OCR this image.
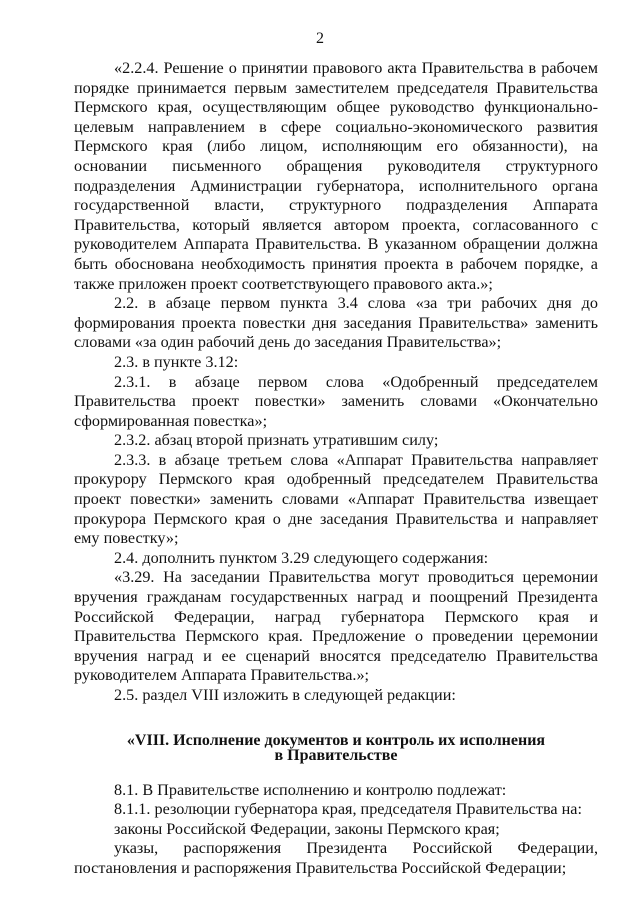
2

«2.2.4. Решение о принятии правового акта Правительства в рабочем порядке принимается первым заместителем председателя Правительства Пермского края, осуществляющим общее руководство функционально-целевым направлением в сфере социально-экономического развития Пермского края (либо лицом, исполняющим его обязанности), на основании письменного обращения руководителя структурного подразделения Администрации губернатора, исполнительного органа государственной власти, структурного подразделения Аппарата Правительства, который является автором проекта, согласованного с руководителем Аппарата Правительства. В указанном обращении должна быть обоснована необходимость принятия проекта в рабочем порядке, а также приложен проект соответствующего правового акта.»;

2.2. в абзаце первом пункта 3.4 слова «за три рабочих дня до формирования проекта повестки дня заседания Правительства» заменить словами «за один рабочий день до заседания Правительства»;

2.3. в пункте 3.12:

2.3.1. в абзаце первом слова «Одобренный председателем Правительства проект повестки» заменить словами «Окончательно сформированная повестка»;

2.3.2. абзац второй признать утратившим силу;

2.3.3. в абзаце третьем слова «Аппарат Правительства направляет прокурору Пермского края одобренный председателем Правительства проект повестки» заменить словами «Аппарат Правительства извещает прокурора Пермского края о дне заседания Правительства и направляет ему повестку»;

2.4. дополнить пунктом 3.29 следующего содержания:

«3.29. На заседании Правительства могут проводиться церемонии вручения гражданам государственных наград и поощрений Президента Российской Федерации, наград губернатора Пермского края и Правительства Пермского края. Предложение о проведении церемонии вручения наград и ее сценарий вносятся председателю Правительства руководителем Аппарата Правительства.»;

2.5. раздел VIII изложить в следующей редакции:

«VIII. Исполнение документов и контроль их исполнения
в Правительстве

8.1. В Правительстве исполнению и контролю подлежат:

8.1.1. резолюции губернатора края, председателя Правительства на:

законы Российской Федерации, законы Пермского края;

указы, распоряжения Президента Российской Федерации, постановления и распоряжения Правительства Российской Федерации;
